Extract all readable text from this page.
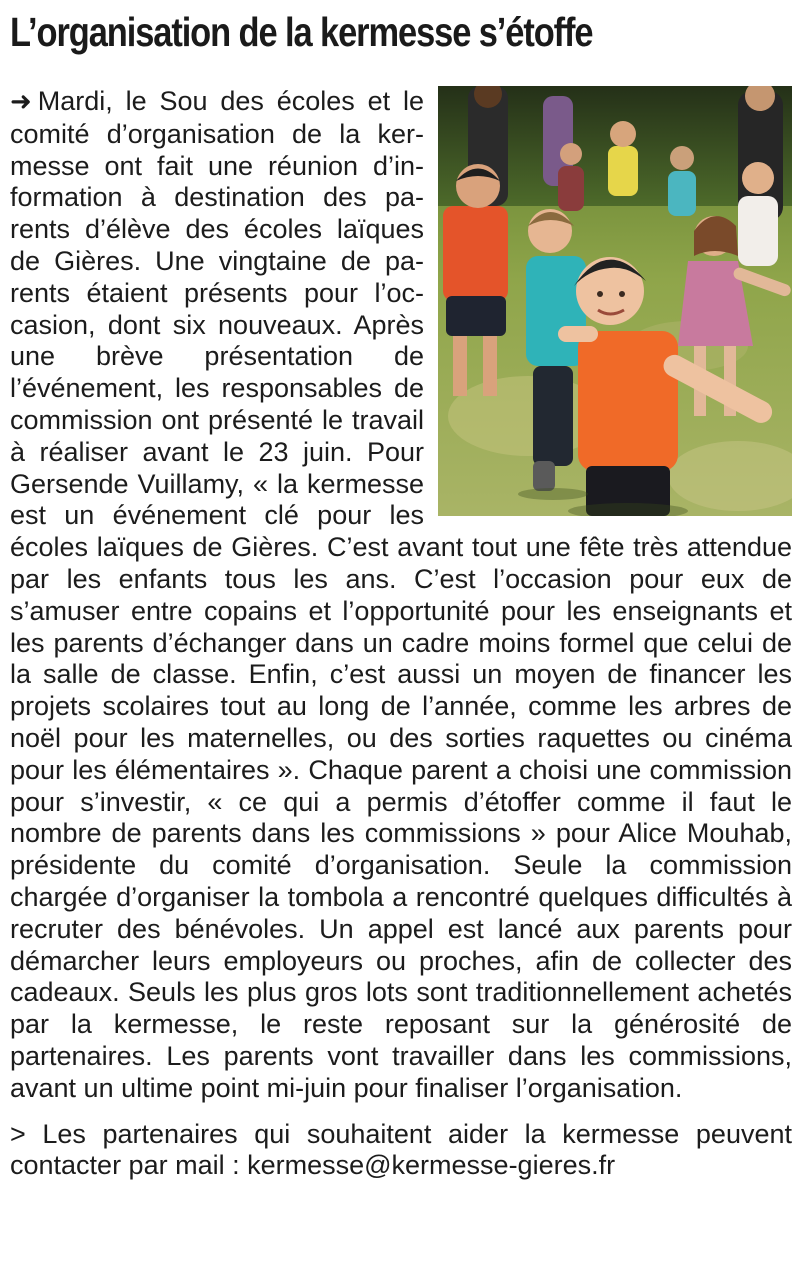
L’organisation de la kermesse s’étoffe

➜ Mardi, le Sou des écoles et le comité d’organisation de la kermesse ont fait une réunion d’information à destination des parents d’élève des écoles laïques de Gières. Une vingtaine de parents étaient présents pour l’occasion, dont six nouveaux. Après une brève présentation de l’événement, les responsables de commission ont présenté le travail à réaliser avant le 23 juin. Pour Gersende Vuillamy, « la kermesse est un événement clé pour les écoles laïques de Gières. C’est avant tout une fête très attendue par les enfants tous les ans. C’est l’occasion pour eux de s’amuser entre copains et l’opportunité pour les enseignants et les parents d’échanger dans un cadre moins formel que celui de la salle de classe. Enfin, c’est aussi un moyen de financer les projets scolaires tout au long de l’année, comme les arbres de noël pour les maternelles, ou des sorties raquettes ou cinéma pour les élémentaires ». Chaque parent a choisi une commission pour s’investir, « ce qui a permis d’étoffer comme il faut le nombre de parents dans les commissions » pour Alice Mouhab, présidente du comité d’organisation. Seule la commission chargée d’organiser la tombola a rencontré quelques difficultés à recruter des bénévoles. Un appel est lancé aux parents pour démarcher leurs employeurs ou proches, afin de collecter des cadeaux. Seuls les plus gros lots sont traditionnellement achetés par la kermesse, le reste reposant sur la générosité de partenaires. Les parents vont travailler dans les commissions, avant un ultime point mi-juin pour finaliser l’organisation.

> Les partenaires qui souhaitent aider la kermesse peuvent contacter par mail : kermesse@kermesse-gieres.fr
